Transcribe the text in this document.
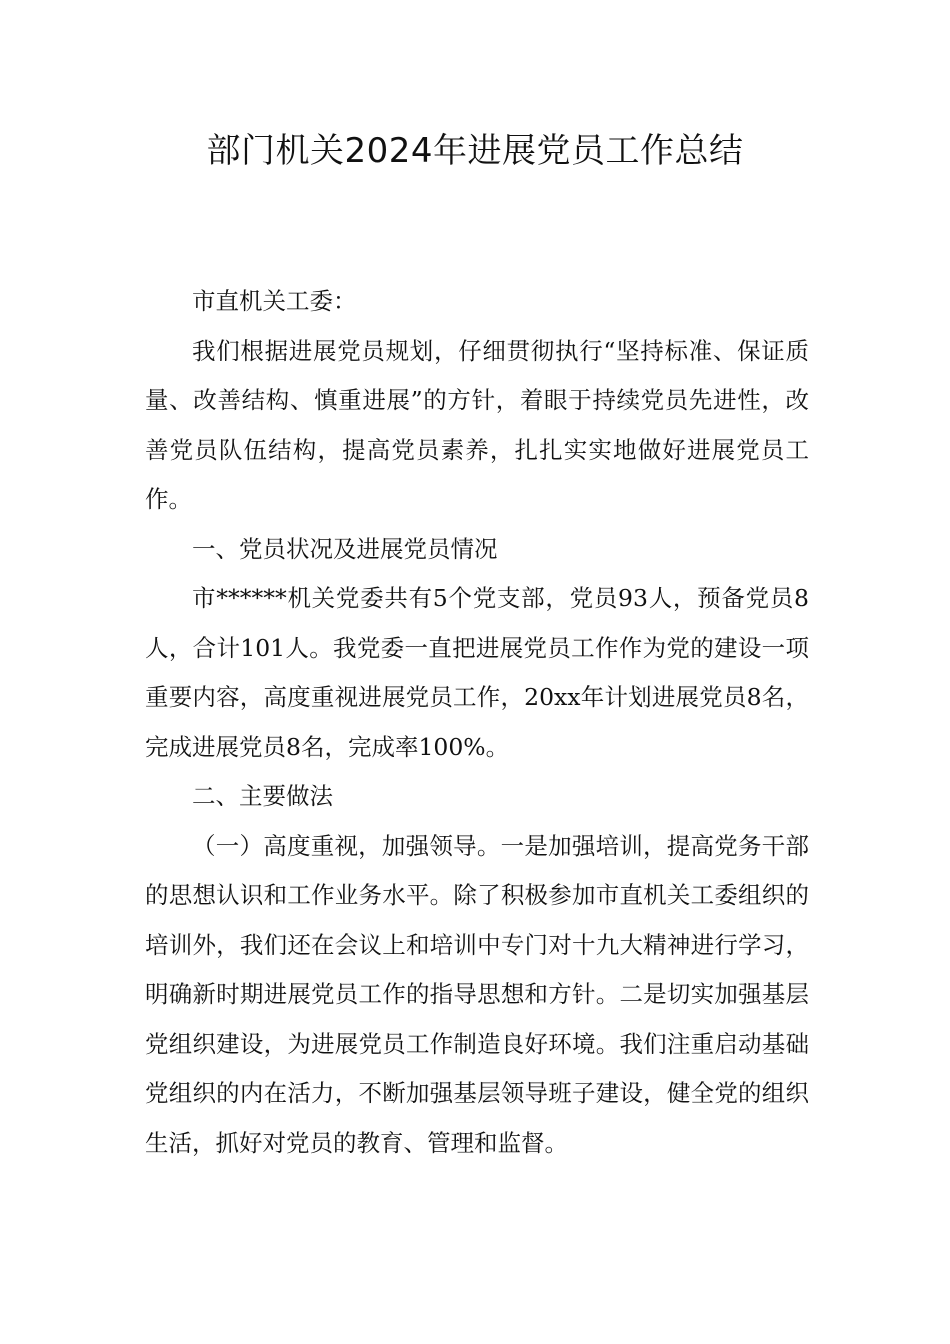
部门机关2024年进展党员工作总结

市直机关工委：

我们根据进展党员规划，仔细贯彻执行“坚持标准、保证质量、改善结构、慎重进展”的方针，着眼于持续党员先进性，改善党员队伍结构，提高党员素养，扎扎实实地做好进展党员工作。

一、党员状况及进展党员情况

市******机关党委共有5个党支部，党员93人，预备党员8人，合计101人。我党委一直把进展党员工作作为党的建设一项重要内容，高度重视进展党员工作，20xx年计划进展党员8名，完成进展党员8名，完成率100%。

二、主要做法

（一）高度重视，加强领导。一是加强培训，提高党务干部的思想认识和工作业务水平。除了积极参加市直机关工委组织的培训外，我们还在会议上和培训中专门对十九大精神进行学习，明确新时期进展党员工作的指导思想和方针。二是切实加强基层党组织建设，为进展党员工作制造良好环境。我们注重启动基础党组织的内在活力，不断加强基层领导班子建设，健全党的组织生活，抓好对党员的教育、管理和监督。
